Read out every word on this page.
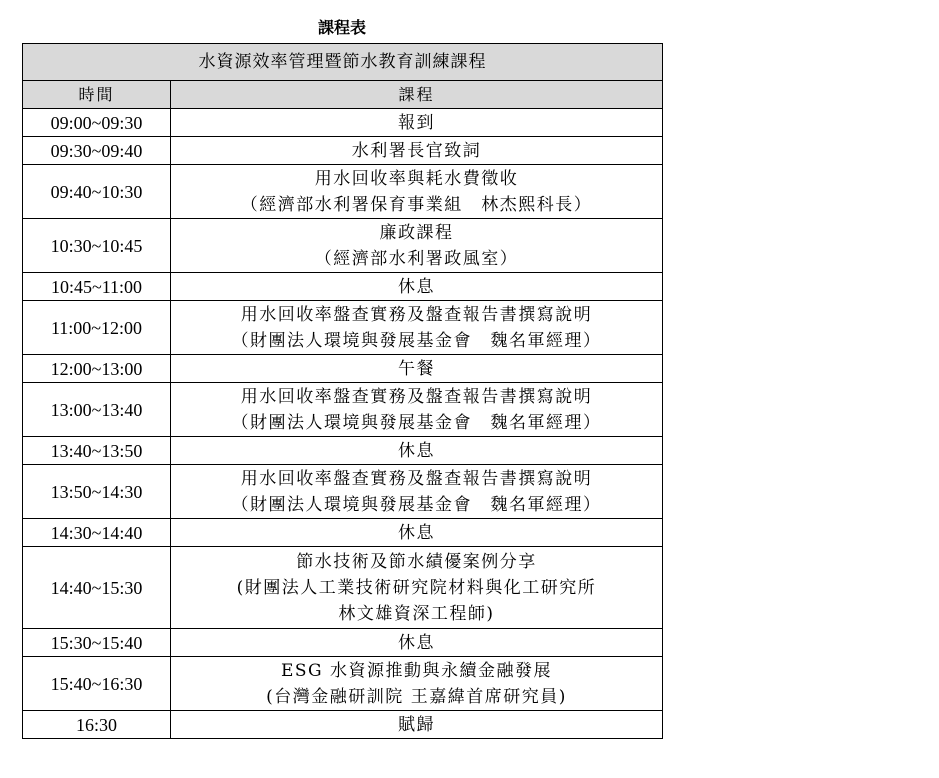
課程表
水資源效率管理暨節水教育訓練課程	
時間	課程
09:00~09:30	報到

09:30~09:40	水利署長官致詞

09:40~10:30	用水回收率與耗水費徵收
（經濟部水利署保育事業組　林杰熙科長）

10:30~10:45	廉政課程
（經濟部水利署政風室）

10:45~11:00	休息

11:00~12:00	用水回收率盤查實務及盤查報告書撰寫說明
（財團法人環境與發展基金會　魏名軍經理）

12:00~13:00	午餐

13:00~13:40	用水回收率盤查實務及盤查報告書撰寫說明
（財團法人環境與發展基金會　魏名軍經理）

13:40~13:50	休息

13:50~14:30	用水回收率盤查實務及盤查報告書撰寫說明
（財團法人環境與發展基金會　魏名軍經理）

14:30~14:40	休息

14:40~15:30	節水技術及節水績優案例分享
(財團法人工業技術研究院材料與化工研究所
林文雄資深工程師)

15:30~15:40	休息

15:40~16:30	ESG 水資源推動與永續金融發展
(台灣金融研訓院 王嘉緯首席研究員)

16:30	賦歸
